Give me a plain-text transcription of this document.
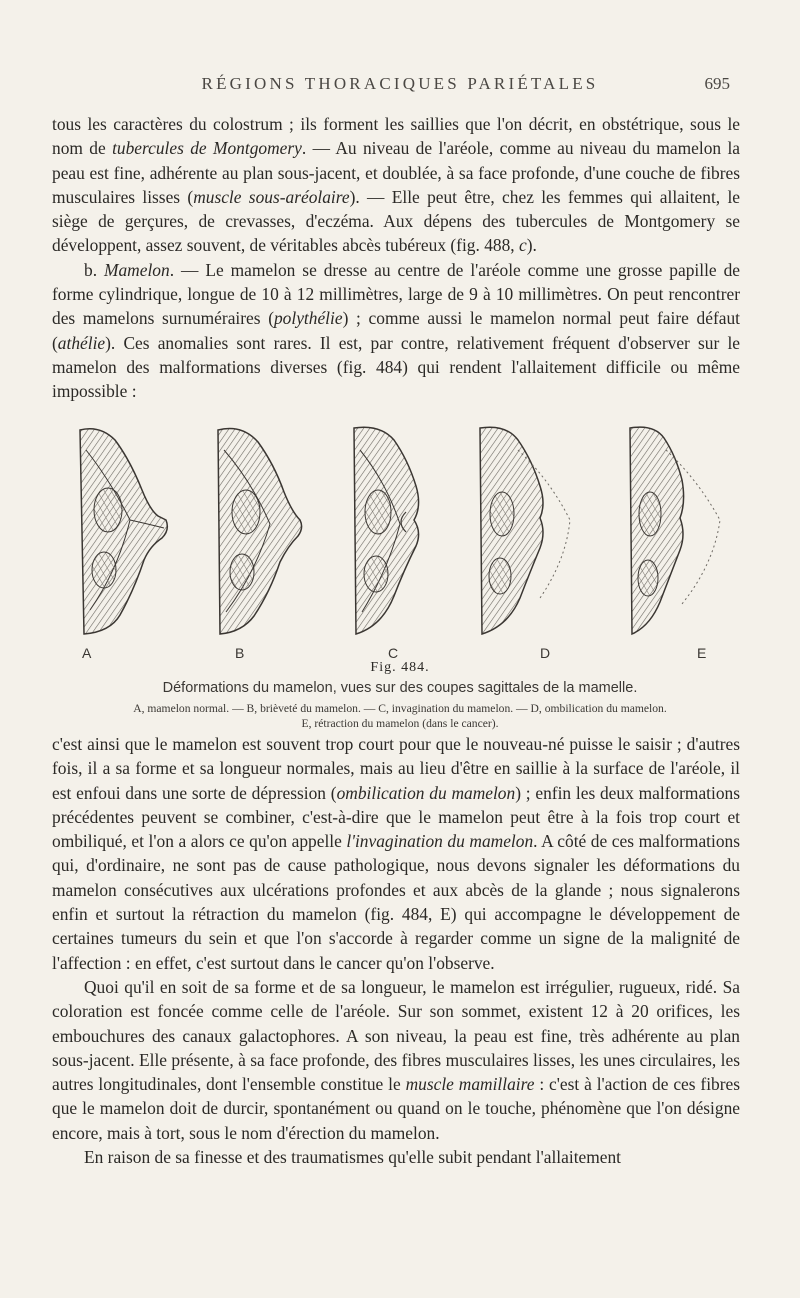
RÉGIONS THORACIQUES PARIÉTALES	695

tous les caractères du colostrum ; ils forment les saillies que l'on décrit, en obstétrique, sous le nom de tubercules de Montgomery. — Au niveau de l'aréole, comme au niveau du mamelon la peau est fine, adhérente au plan sous-jacent, et doublée, à sa face profonde, d'une couche de fibres musculaires lisses (muscle sous-aréolaire). — Elle peut être, chez les femmes qui allaitent, le siège de gerçures, de crevasses, d'eczéma. Aux dépens des tubercules de Montgomery se développent, assez souvent, de véritables abcès tubéreux (fig. 488, c).

b. Mamelon. — Le mamelon se dresse au centre de l'aréole comme une grosse papille de forme cylindrique, longue de 10 à 12 millimètres, large de 9 à 10 millimètres. On peut rencontrer des mamelons surnuméraires (polythélie) ; comme aussi le mamelon normal peut faire défaut (athélie). Ces anomalies sont rares. Il est, par contre, relativement fréquent d'observer sur le mamelon des malformations diverses (fig. 484) qui rendent l'allaitement difficile ou même impossible :

A	B	C	D	E
Fig. 484.
Déformations du mamelon, vues sur des coupes sagittales de la mamelle.
A, mamelon normal. — B, brièveté du mamelon. — C, invagination du mamelon. — D, ombilication du mamelon.
E, rétraction du mamelon (dans le cancer).

c'est ainsi que le mamelon est souvent trop court pour que le nouveau-né puisse le saisir ; d'autres fois, il a sa forme et sa longueur normales, mais au lieu d'être en saillie à la surface de l'aréole, il est enfoui dans une sorte de dépression (ombilication du mamelon) ; enfin les deux malformations précédentes peuvent se combiner, c'est-à-dire que le mamelon peut être à la fois trop court et ombiliqué, et l'on a alors ce qu'on appelle l'invagination du mamelon. A côté de ces malformations qui, d'ordinaire, ne sont pas de cause pathologique, nous devons signaler les déformations du mamelon consécutives aux ulcérations profondes et aux abcès de la glande ; nous signalerons enfin et surtout la rétraction du mamelon (fig. 484, E) qui accompagne le développement de certaines tumeurs du sein et que l'on s'accorde à regarder comme un signe de la malignité de l'affection : en effet, c'est surtout dans le cancer qu'on l'observe.

Quoi qu'il en soit de sa forme et de sa longueur, le mamelon est irrégulier, rugueux, ridé. Sa coloration est foncée comme celle de l'aréole. Sur son sommet, existent 12 à 20 orifices, les embouchures des canaux galactophores. A son niveau, la peau est fine, très adhérente au plan sous-jacent. Elle présente, à sa face profonde, des fibres musculaires lisses, les unes circulaires, les autres longitudinales, dont l'ensemble constitue le muscle mamillaire : c'est à l'action de ces fibres que le mamelon doit de durcir, spontanément ou quand on le touche, phénomène que l'on désigne encore, mais à tort, sous le nom d'érection du mamelon.

En raison de sa finesse et des traumatismes qu'elle subit pendant l'allaitement
